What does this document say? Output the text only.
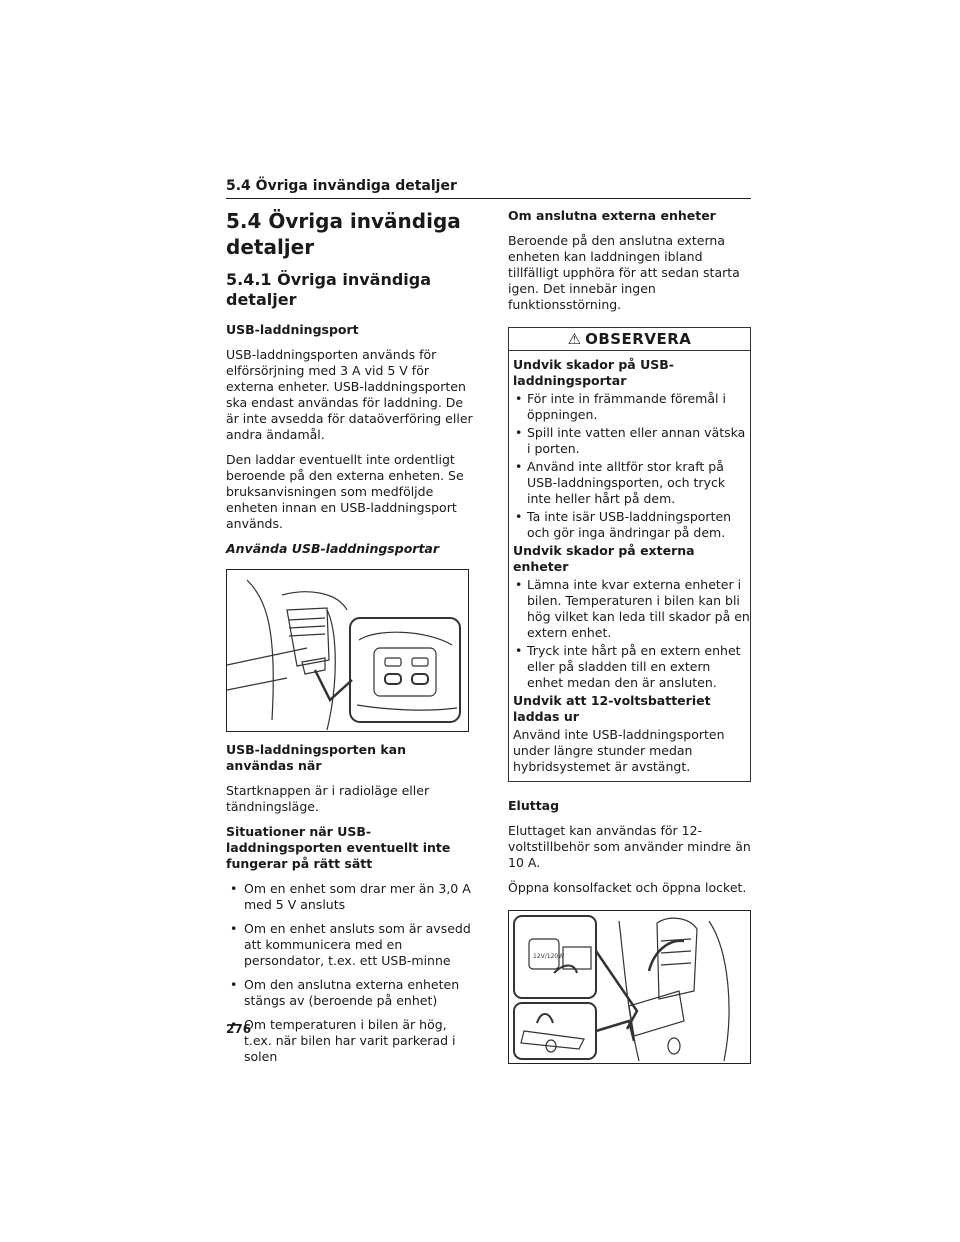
5.4 Övriga invändiga detaljer
5.4 Övriga invändiga detaljer
5.4.1 Övriga invändiga detaljer
USB-laddningsport

USB-laddningsporten används för elförsörjning med 3 A vid 5 V för externa enheter. USB-laddningsporten ska endast användas för laddning. De är inte avsedda för dataöverföring eller andra ändamål.

Den laddar eventuellt inte ordentligt beroende på den externa enheten. Se bruksanvisningen som medföljde enheten innan en USB-laddningsport används.

Använda USB-laddningsportar
USB-laddningsporten kan användas när

Startknappen är i radioläge eller tändningsläge.

Situationer när USB-laddningsporten eventuellt inte fungerar på rätt sätt
• Om en enhet som drar mer än 3,0 A med 5 V ansluts
• Om en enhet ansluts som är avsedd att kommunicera med en persondator, t.ex. ett USB-minne
• Om den anslutna externa enheten stängs av (beroende på enhet)
• Om temperaturen i bilen är hög, t.ex. när bilen har varit parkerad i solen
Om anslutna externa enheter

Beroende på den anslutna externa enheten kan laddningen ibland tillfälligt upphöra för att sedan starta igen. Det innebär ingen funktionsstörning.

⚠ OBSERVERA
Undvik skador på USB-laddningsportar
• För inte in främmande föremål i öppningen.
• Spill inte vatten eller annan vätska i porten.
• Använd inte alltför stor kraft på USB-laddningsporten, och tryck inte heller hårt på dem.
• Ta inte isär USB-laddningsporten och gör inga ändringar på dem.
Undvik skador på externa enheter
• Lämna inte kvar externa enheter i bilen. Temperaturen i bilen kan bli hög vilket kan leda till skador på en extern enhet.
• Tryck inte hårt på en extern enhet eller på sladden till en extern enhet medan den är ansluten.
Undvik att 12-voltsbatteriet laddas ur

Använd inte USB-laddningsporten under längre stunder medan hybridsystemet är avstängt.

Eluttag

Eluttaget kan användas för 12-voltstillbehör som använder mindre än 10 A.

Öppna konsolfacket och öppna locket.

12V/120W
276
